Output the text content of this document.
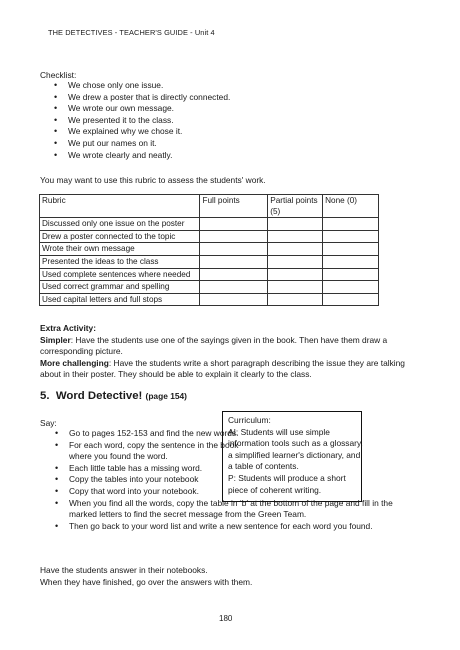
THE DETECTIVES - TEACHER'S GUIDE - Unit 4
Checklist:
• We chose only one issue.
• We drew a poster that is directly connected.
• We wrote our own message.
• We presented it to the class.
• We explained why we chose it.
• We put our names on it.
• We wrote clearly and neatly.
You may want to use this rubric to assess the students' work.
Rubric	Full points	Partial points (5)	None (0)
Discussed only one issue on the poster			
Drew a poster connected to the topic			
Wrote their own message			
Presented the ideas to the class			
Used complete sentences where needed			
Used correct grammar and spelling			
Used capital letters and full stops			

Extra Activity:

Simpler: Have the students use one of the sayings given in the book. Then have them draw a corresponding picture.

More challenging: Have the students write a short paragraph describing the issue they are talking about in their poster. They should be able to explain it clearly to the class.

5. Word Detective! (page 154)
Say:	Curriculum:
AI: Students will use simple
information tools such as a glossary,
a simplified learner's dictionary, and
a table of contents.
P: Students will produce a short
piece of coherent writing.
• Go to pages 152-153 and find the new words.
• For each word, copy the sentence in the book where you found the word.
• Each little table has a missing word.
• Copy the tables into your notebook
• Copy that word into your notebook.
• When you find all the words, copy the table in ‘b’ at the bottom of the page and fill in the marked letters to find the secret message from the Green Team.
• Then go back to your word list and write a new sentence for each word you found.
Have the students answer in their notebooks.
When they have finished, go over the answers with them.
180
